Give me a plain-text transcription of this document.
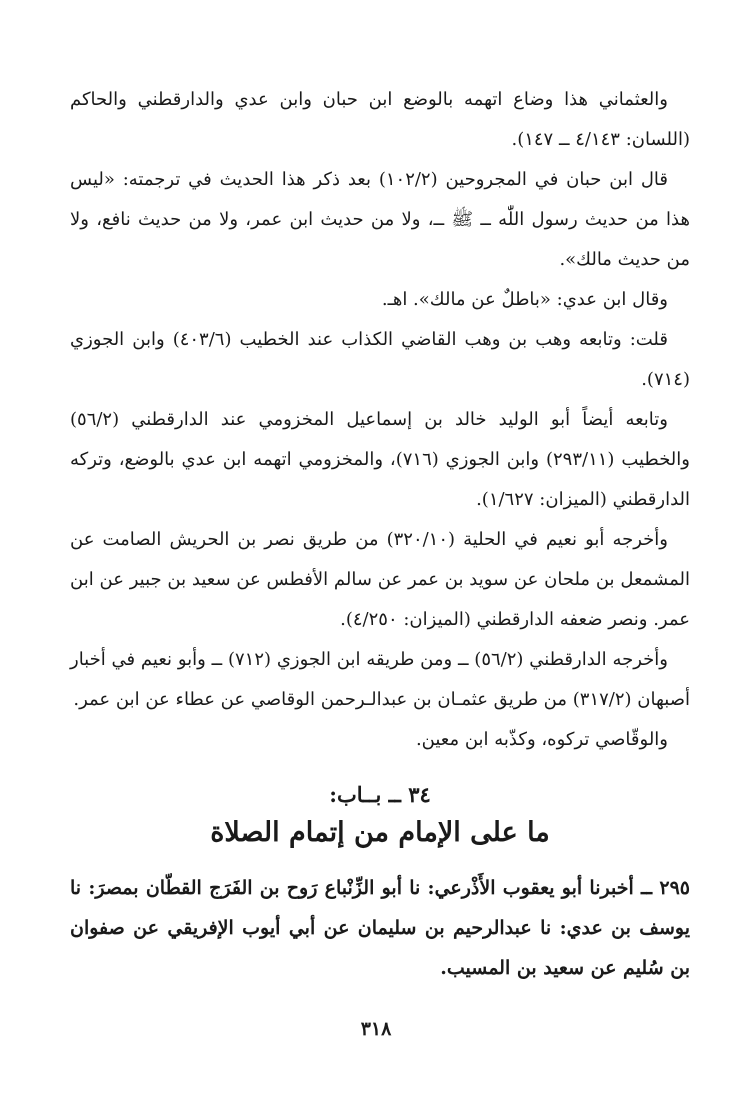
والعثماني هذا وضاع اتهمه بالوضع ابن حبان وابن عدي والدارقطني والحاكم (اللسان: ٤/١٤٣ ــ ١٤٧).

قال ابن حبان في المجروحين (١٠٢/٢) بعد ذكر هذا الحديث في ترجمته: «ليس هذا من حديث رسول اللّٰه ــ ﷺ ــ، ولا من حديث ابن عمر، ولا من حديث نافع، ولا من حديث مالك».

وقال ابن عدي: «باطلٌ عن مالك». اهـ.

قلت: وتابعه وهب بن وهب القاضي الكذاب عند الخطيب (٤٠٣/٦) وابن الجوزي (٧١٤).

وتابعه أيضاً أبو الوليد خالد بن إسماعيل المخزومي عند الدارقطني (٥٦/٢) والخطيب (٢٩٣/١١) وابن الجوزي (٧١٦)، والمخزومي اتهمه ابن عدي بالوضع، وتركه الدارقطني (الميزان: ١/٦٢٧).

وأخرجه أبو نعيم في الحلية (٣٢٠/١٠) من طريق نصر بن الحريش الصامت عن المشمعل بن ملحان عن سويد بن عمر عن سالم الأفطس عن سعيد بن جبير عن ابن عمر. ونصر ضعفه الدارقطني (الميزان: ٤/٢٥٠).

وأخرجه الدارقطني (٥٦/٢) ــ ومن طريقه ابن الجوزي (٧١٢) ــ وأبو نعيم في أخبار أصبهان (٣١٧/٢) من طريق عثمـان بن عبدالـرحمن الوقاصي عن عطاء عن ابن عمر.

والوقّاصي تركوه، وكذّبه ابن معين.

٣٤ ــ بــاب:

ما على الإمام من إتمام الصلاة

٢٩٥ ــ أخبرنا أبو يعقوب الأَذْرعي: نا أبو الزِّنْباع رَوح بن الفَرَج القطّان بمصرَ: نا يوسف بن عدي: نا عبدالرحيم بن سليمان عن أبي أيوب الإفريقي عن صفوان بن سُليم عن سعيد بن المسيب.

٣١٨
